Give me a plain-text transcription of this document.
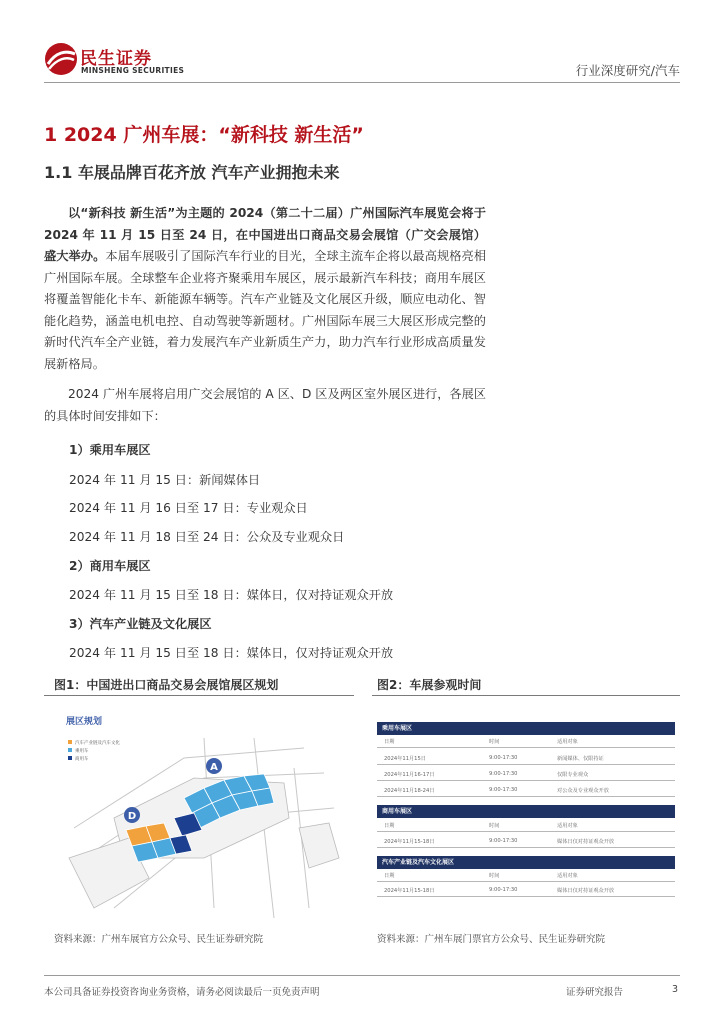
民生证券
MINSHENG SECURITIES	行业深度研究/汽车
1 2024 广州车展：“新科技 新生活”
1.1 车展品牌百花齐放 汽车产业拥抱未来
以“新科技 新生活”为主题的 2024（第二十二届）广州国际汽车展览会将于 2024 年 11 月 15 日至 24 日，在中国进出口商品交易会展馆（广交会展馆）盛大举办。本届车展吸引了国际汽车行业的目光，全球主流车企将以最高规格亮相广州国际车展。全球整车企业将齐聚乘用车展区，展示最新汽车科技；商用车展区将覆盖智能化卡车、新能源车辆等。汽车产业链及文化展区升级，顺应电动化、智能化趋势，涵盖电机电控、自动驾驶等新题材。广州国际车展三大展区形成完整的新时代汽车全产业链，着力发展汽车产业新质生产力，助力汽车行业形成高质量发展新格局。
2024 广州车展将启用广交会展馆的 A 区、D 区及两区室外展区进行，各展区的具体时间安排如下：
1）乘用车展区
2024 年 11 月 15 日：新闻媒体日
2024 年 11 月 16 日至 17 日：专业观众日
2024 年 11 月 18 日至 24 日：公众及专业观众日
2）商用车展区
2024 年 11 月 15 日至 18 日：媒体日，仅对持证观众开放
3）汽车产业链及文化展区
2024 年 11 月 15 日至 18 日：媒体日，仅对持证观众开放
图1：中国进出口商品交易会展馆展区规划	图2：车展参观时间
A
D
展区规划
汽车产业链及汽车文化
乘用车
商用车
资料来源：广州车展官方公众号、民生证券研究院
乘用车展区
日期	时间	适用对象
2024年11月15日	9:00-17:30	新闻媒体、仅限持证
2024年11月16-17日	9:00-17:30	仅限专业观众
2024年11月18-24日	9:00-17:30	对公众及专业观众开放
商用车展区
日期	时间	适用对象
2024年11月15-18日	9:00-17:30	媒体日仅对持证观众开放
汽车产业链及汽车文化展区
日期	时间	适用对象
2024年11月15-18日	9:00-17:30	媒体日仅对持证观众开放
资料来源：广州车展门票官方公众号、民生证券研究院
本公司具备证券投资咨询业务资格，请务必阅读最后一页免责声明	证券研究报告	3
